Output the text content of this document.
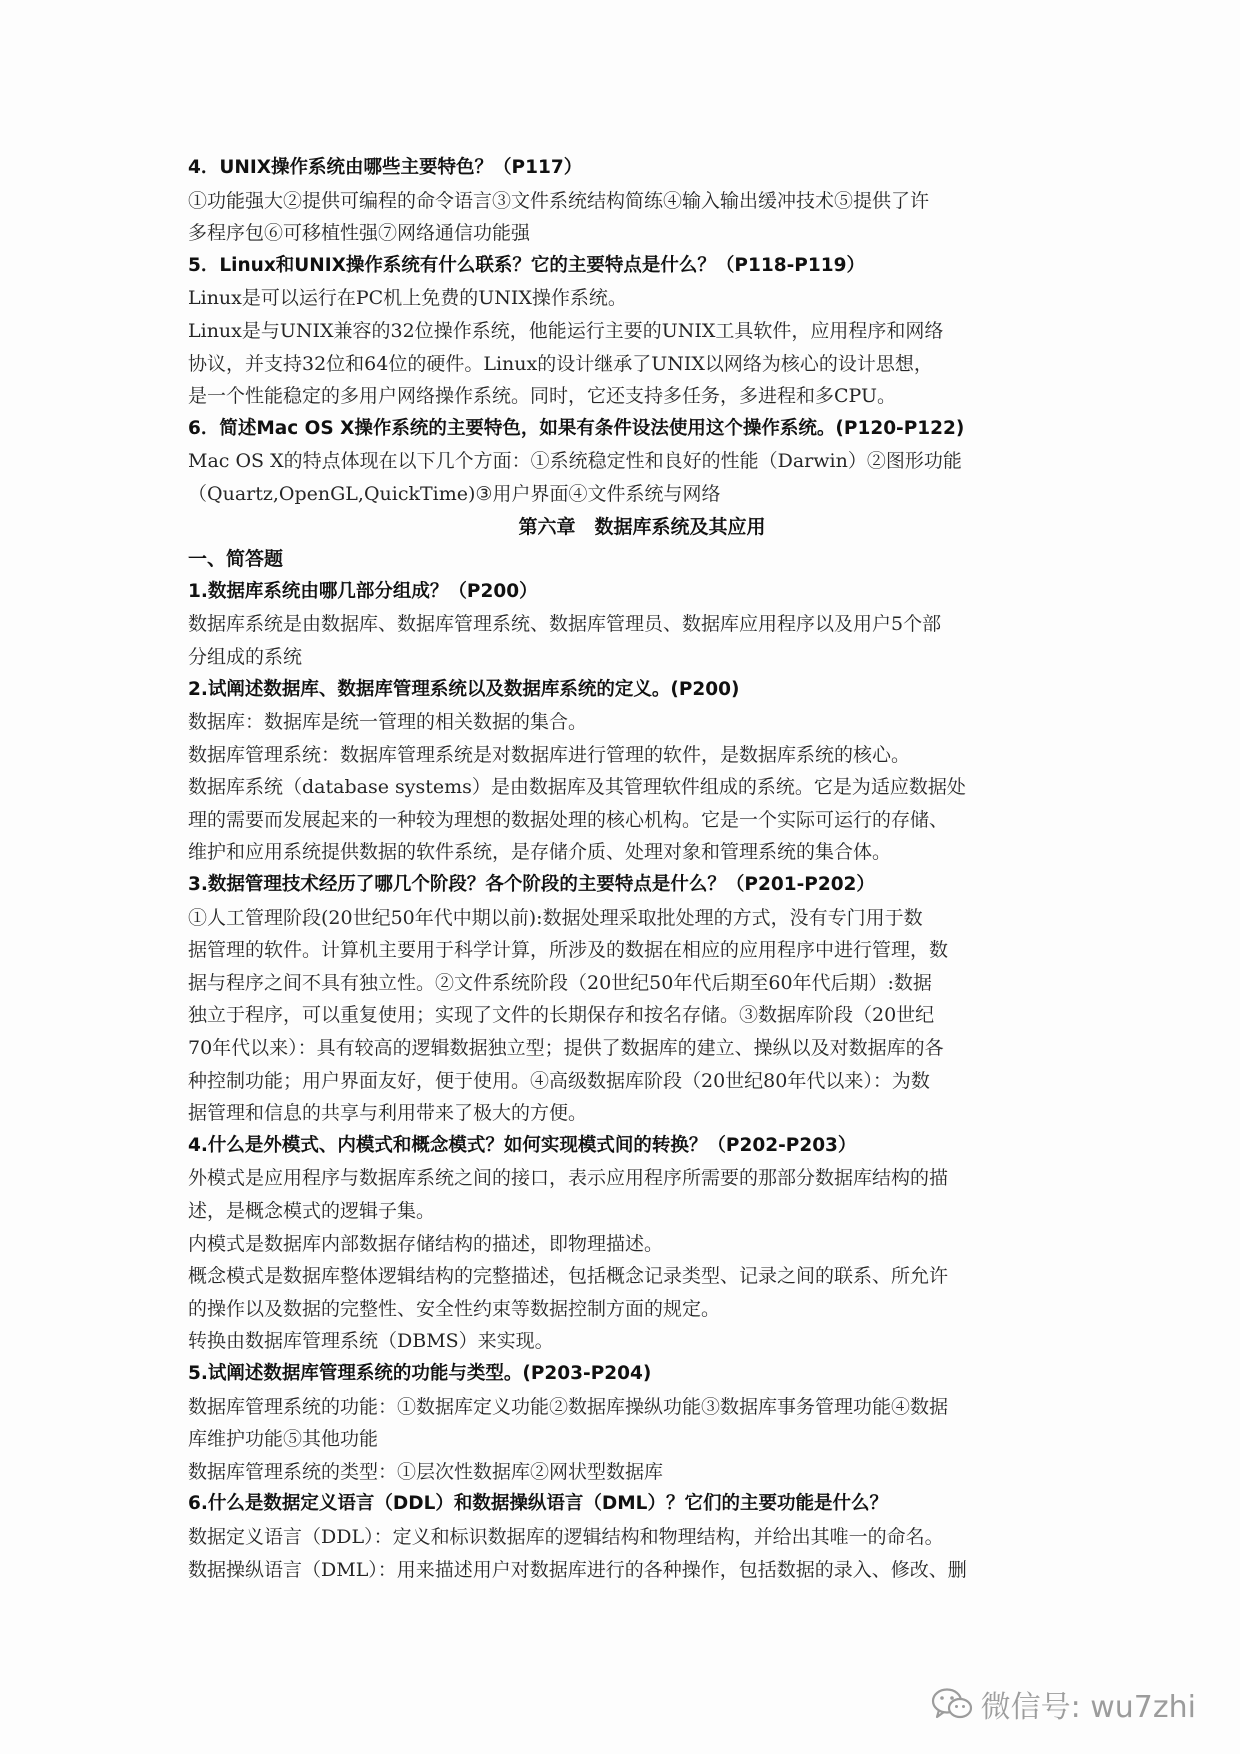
4．UNIX操作系统由哪些主要特色？（P117）
①功能强大②提供可编程的命令语言③文件系统结构简练④输入输出缓冲技术⑤提供了许
多程序包⑥可移植性强⑦网络通信功能强
5．Linux和UNIX操作系统有什么联系？它的主要特点是什么？（P118-P119）
Linux是可以运行在PC机上免费的UNIX操作系统。
Linux是与UNIX兼容的32位操作系统，他能运行主要的UNIX工具软件，应用程序和网络
协议，并支持32位和64位的硬件。Linux的设计继承了UNIX以网络为核心的设计思想，
是一个性能稳定的多用户网络操作系统。同时，它还支持多任务，多进程和多CPU。
6．简述Mac OS X操作系统的主要特色，如果有条件设法使用这个操作系统。(P120-P122)
Mac OS X的特点体现在以下几个方面：①系统稳定性和良好的性能（Darwin）②图形功能
（Quartz,OpenGL,QuickTime)③用户界面④文件系统与网络
第六章　数据库系统及其应用
一、简答题
1.数据库系统由哪几部分组成？（P200）
数据库系统是由数据库、数据库管理系统、数据库管理员、数据库应用程序以及用户5个部
分组成的系统
2.试阐述数据库、数据库管理系统以及数据库系统的定义。(P200)
数据库：数据库是统一管理的相关数据的集合。
数据库管理系统：数据库管理系统是对数据库进行管理的软件，是数据库系统的核心。
数据库系统（database systems）是由数据库及其管理软件组成的系统。它是为适应数据处
理的需要而发展起来的一种较为理想的数据处理的核心机构。它是一个实际可运行的存储、
维护和应用系统提供数据的软件系统，是存储介质、处理对象和管理系统的集合体。
3.数据管理技术经历了哪几个阶段？各个阶段的主要特点是什么？（P201-P202）
①人工管理阶段(20世纪50年代中期以前):数据处理采取批处理的方式，没有专门用于数
据管理的软件。计算机主要用于科学计算，所涉及的数据在相应的应用程序中进行管理，数
据与程序之间不具有独立性。②文件系统阶段（20世纪50年代后期至60年代后期）:数据
独立于程序，可以重复使用；实现了文件的长期保存和按名存储。③数据库阶段（20世纪
70年代以来）：具有较高的逻辑数据独立型；提供了数据库的建立、操纵以及对数据库的各
种控制功能；用户界面友好，便于使用。④高级数据库阶段（20世纪80年代以来）：为数
据管理和信息的共享与利用带来了极大的方便。
4.什么是外模式、内模式和概念模式？如何实现模式间的转换？（P202-P203）
外模式是应用程序与数据库系统之间的接口，表示应用程序所需要的那部分数据库结构的描
述，是概念模式的逻辑子集。
内模式是数据库内部数据存储结构的描述，即物理描述。
概念模式是数据库整体逻辑结构的完整描述，包括概念记录类型、记录之间的联系、所允许
的操作以及数据的完整性、安全性约束等数据控制方面的规定。
转换由数据库管理系统（DBMS）来实现。
5.试阐述数据库管理系统的功能与类型。(P203-P204)
数据库管理系统的功能：①数据库定义功能②数据库操纵功能③数据库事务管理功能④数据
库维护功能⑤其他功能
数据库管理系统的类型：①层次性数据库②网状型数据库
6.什么是数据定义语言（DDL）和数据操纵语言（DML）？它们的主要功能是什么？
数据定义语言（DDL）：定义和标识数据库的逻辑结构和物理结构，并给出其唯一的命名。
数据操纵语言（DML）：用来描述用户对数据库进行的各种操作，包括数据的录入、修改、删
微信号: wu7zhi
